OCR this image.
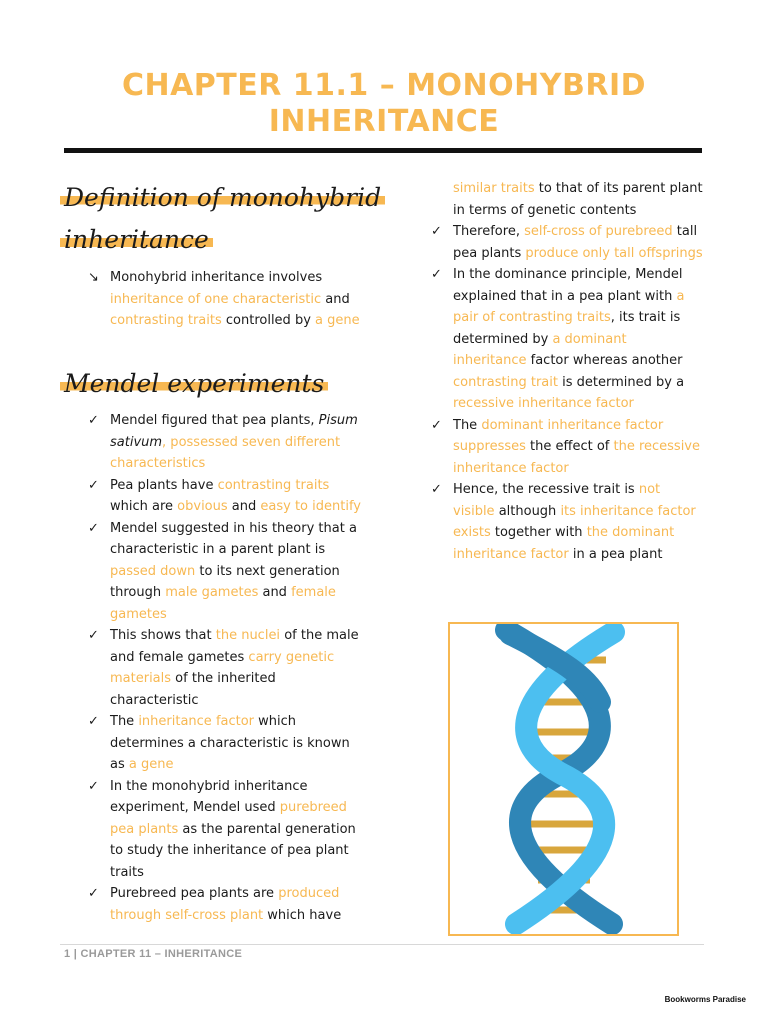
CHAPTER 11.1 – MONOHYBRID
INHERITANCE
Definition of monohybrid
inheritance
↘ Monohybrid inheritance involves inheritance of one characteristic and contrasting traits controlled by a gene
Mendel experiments
✓ Mendel figured that pea plants, Pisum sativum, possessed seven different characteristics
✓ Pea plants have contrasting traits which are obvious and easy to identify
✓ Mendel suggested in his theory that a characteristic in a parent plant is passed down to its next generation through male gametes and female gametes
✓ This shows that the nuclei of the male and female gametes carry genetic materials of the inherited characteristic
✓ The inheritance factor which determines a characteristic is known as a gene
✓ In the monohybrid inheritance experiment, Mendel used purebreed pea plants as the parental generation to study the inheritance of pea plant traits
✓ Purebreed pea plants are produced through self-cross plant which have

similar traits to that of its parent plant in terms of genetic contents

✓ Therefore, self-cross of purebreed tall pea plants produce only tall offsprings
✓ In the dominance principle, Mendel explained that in a pea plant with a pair of contrasting traits, its trait is determined by a dominant inheritance factor whereas another contrasting trait is determined by a recessive inheritance factor
✓ The dominant inheritance factor suppresses the effect of the recessive inheritance factor
✓ Hence, the recessive trait is not visible although its inheritance factor exists together with the dominant inheritance factor in a pea plant
1 | CHAPTER 11 – INHERITANCE
Bookworms Paradise
